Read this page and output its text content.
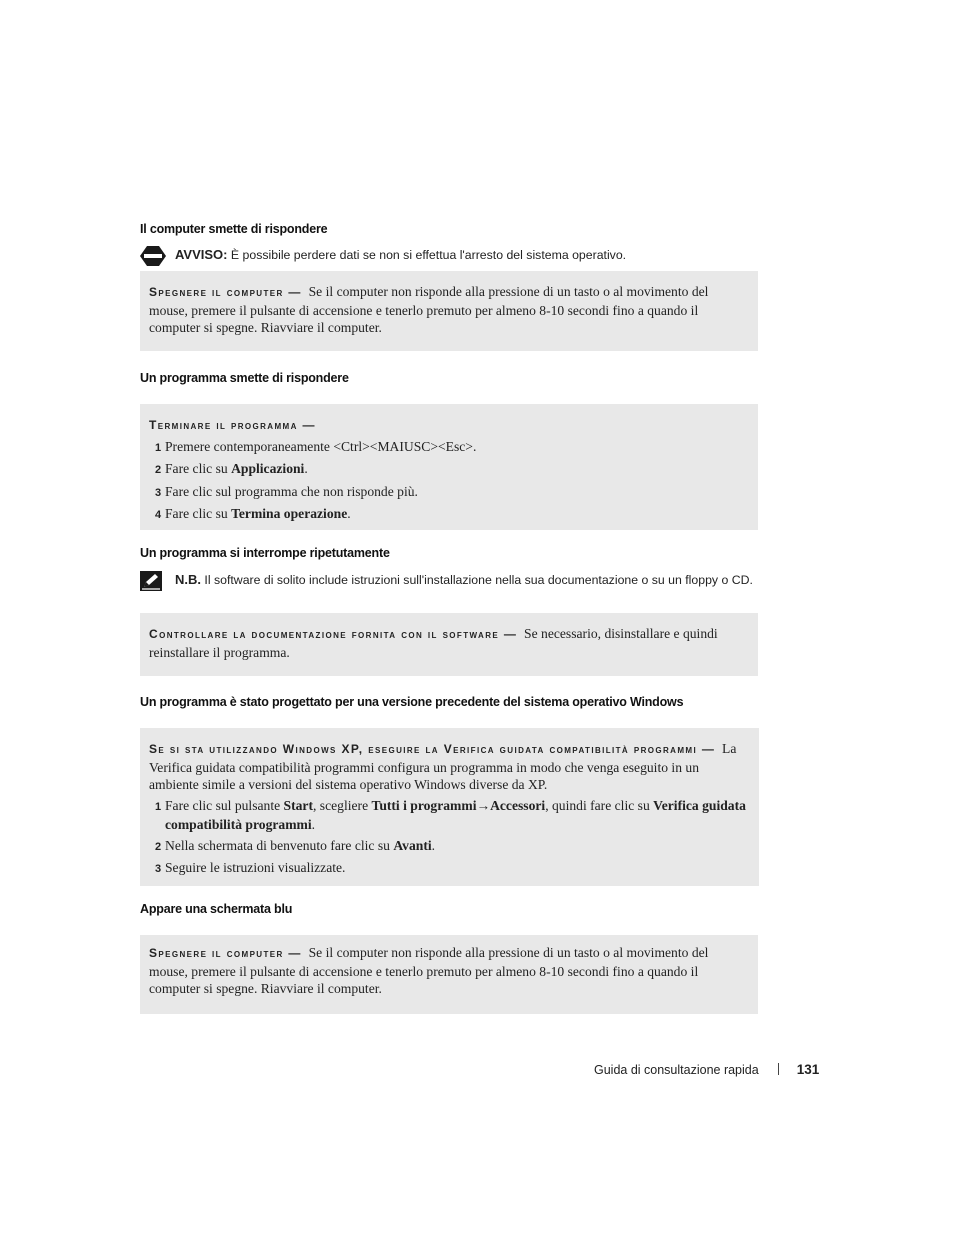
Il computer smette di rispondere
AVVISO: È possibile perdere dati se non si effettua l'arresto del sistema operativo.
Spegnere il computer — Se il computer non risponde alla pressione di un tasto o al movimento del mouse, premere il pulsante di accensione e tenerlo premuto per almeno 8-10 secondi fino a quando il computer si spegne. Riavviare il computer.
Un programma smette di rispondere
Terminare il programma —
1 Premere contemporaneamente <Ctrl><MAIUSC><Esc>.
2 Fare clic su Applicazioni.
3 Fare clic sul programma che non risponde più.
4 Fare clic su Termina operazione.
Un programma si interrompe ripetutamente
N.B. Il software di solito include istruzioni sull'installazione nella sua documentazione o su un floppy o CD.
Controllare la documentazione fornita con il software — Se necessario, disinstallare e quindi reinstallare il programma.
Un programma è stato progettato per una versione precedente del sistema operativo Windows
Se si sta utilizzando Windows XP, eseguire la Verifica guidata compatibilità programmi — La Verifica guidata compatibilità programmi configura un programma in modo che venga eseguito in un ambiente simile a versioni del sistema operativo Windows diverse da XP.
1 Fare clic sul pulsante Start, scegliere Tutti i programmi→Accessori, quindi fare clic su Verifica guidata compatibilità programmi.
2 Nella schermata di benvenuto fare clic su Avanti.
3 Seguire le istruzioni visualizzate.
Appare una schermata blu
Spegnere il computer — Se il computer non risponde alla pressione di un tasto o al movimento del mouse, premere il pulsante di accensione e tenerlo premuto per almeno 8-10 secondi fino a quando il computer si spegne. Riavviare il computer.
Guida di consultazione rapida	131
